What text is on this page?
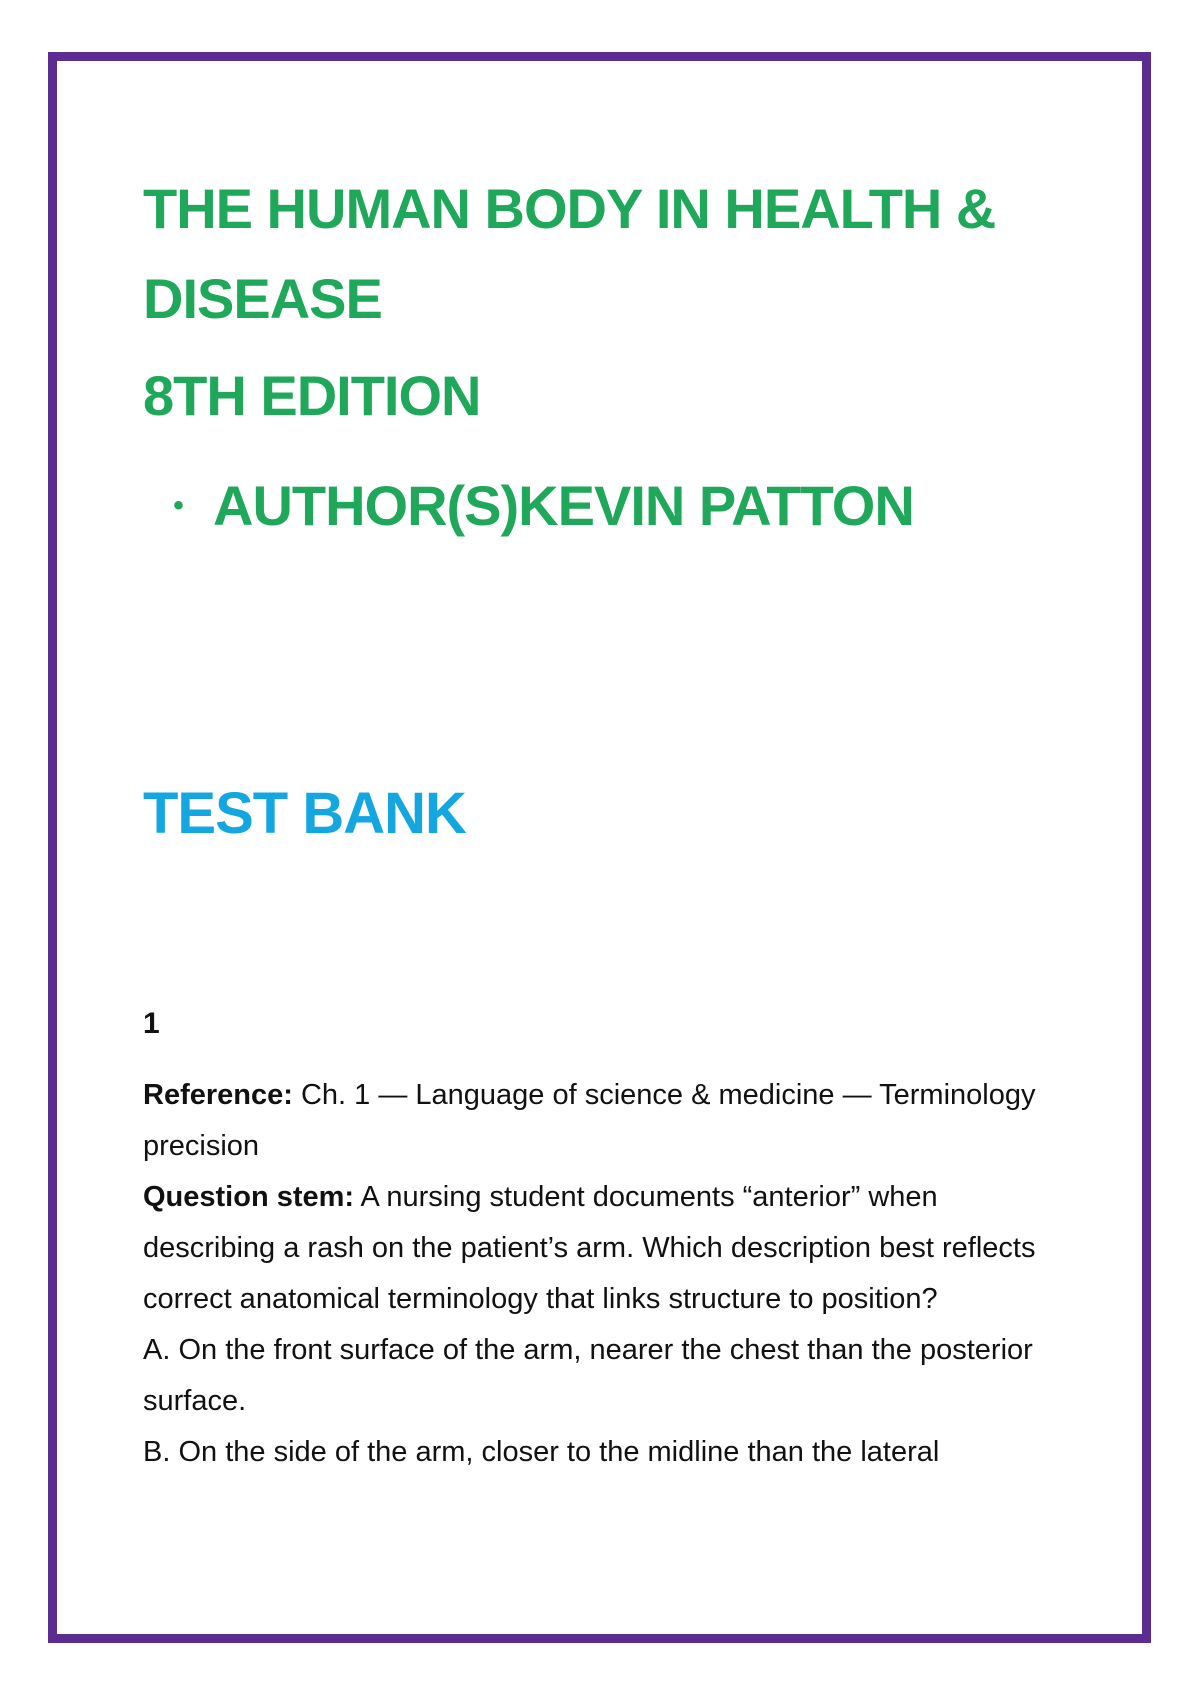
THE HUMAN BODY IN HEALTH & DISEASE
8TH EDITION
• AUTHOR(S)KEVIN PATTON
TEST BANK
1

Reference: Ch. 1 — Language of science & medicine — Terminology precision

Question stem: A nursing student documents “anterior” when describing a rash on the patient’s arm. Which description best reflects correct anatomical terminology that links structure to position?

A. On the front surface of the arm, nearer the chest than the posterior surface.

B. On the side of the arm, closer to the midline than the lateral
